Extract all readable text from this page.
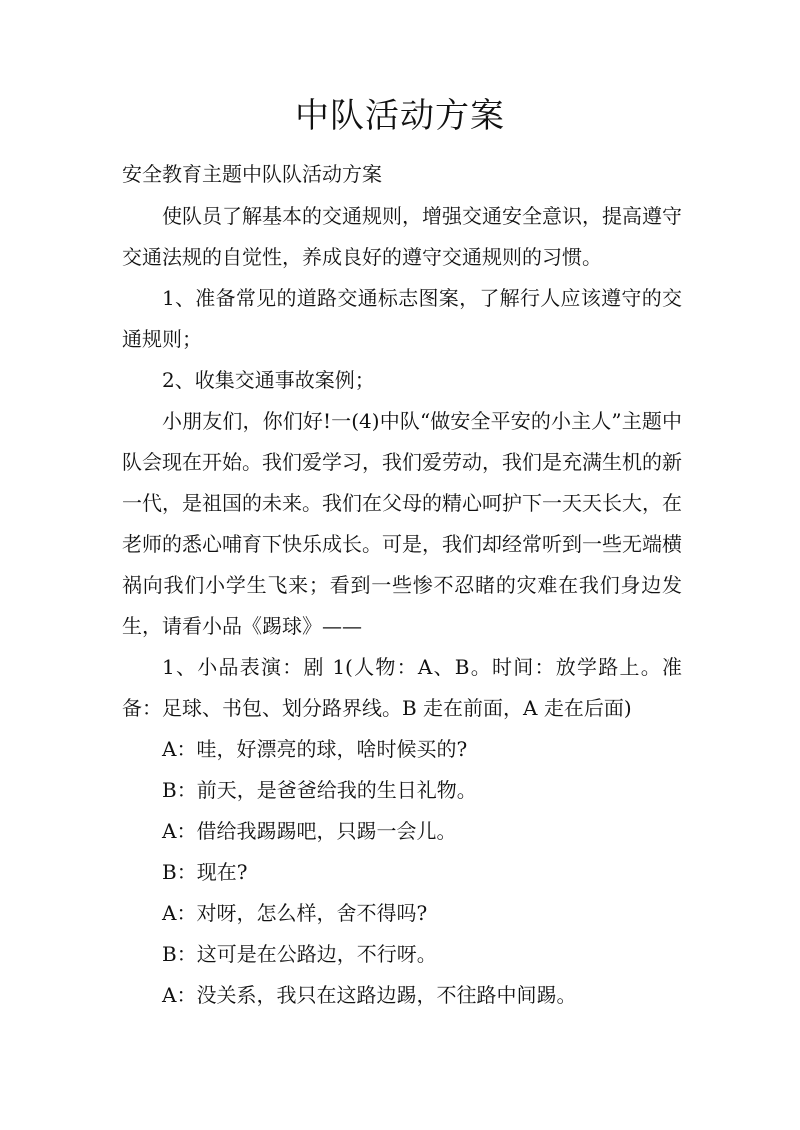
中队活动方案

安全教育主题中队队活动方案

使队员了解基本的交通规则，增强交通安全意识，提高遵守交通法规的自觉性，养成良好的遵守交通规则的习惯。

1、准备常见的道路交通标志图案，了解行人应该遵守的交通规则；

2、收集交通事故案例；

小朋友们，你们好!一(4)中队“做安全平安的小主人”主题中队会现在开始。我们爱学习，我们爱劳动，我们是充满生机的新一代，是祖国的未来。我们在父母的精心呵护下一天天长大，在老师的悉心哺育下快乐成长。可是，我们却经常听到一些无端横祸向我们小学生飞来；看到一些惨不忍睹的灾难在我们身边发生，请看小品《踢球》——

1、小品表演：剧 1(人物：A、B。时间：放学路上。准备：足球、书包、划分路界线。B 走在前面，A 走在后面)

A：哇，好漂亮的球，啥时候买的?

B：前天，是爸爸给我的生日礼物。

A：借给我踢踢吧，只踢一会儿。

B：现在?

A：对呀，怎么样，舍不得吗?

B：这可是在公路边，不行呀。

A：没关系，我只在这路边踢，不往路中间踢。
